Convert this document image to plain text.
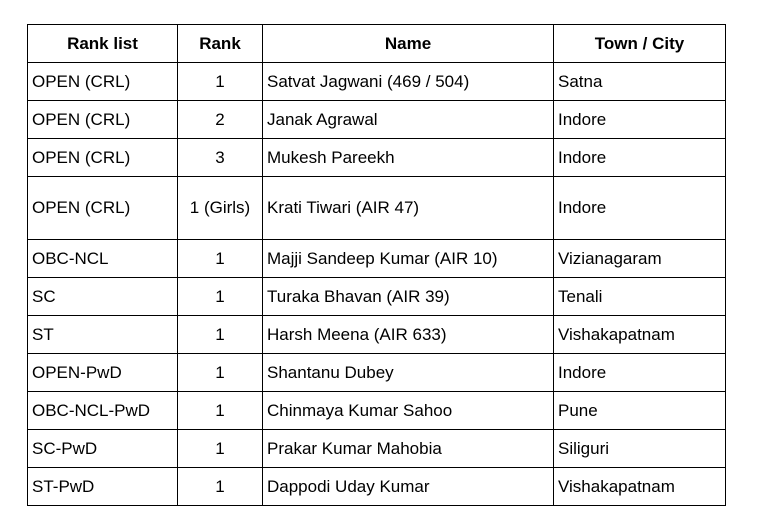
Rank list	Rank	Name	Town / City
OPEN (CRL)	1	Satvat Jagwani (469 / 504)	Satna
OPEN (CRL)	2	Janak Agrawal	Indore
OPEN (CRL)	3	Mukesh Pareekh	Indore
OPEN (CRL)	1 (Girls)	Krati Tiwari (AIR 47)	Indore
OBC-NCL	1	Majji Sandeep Kumar (AIR 10)	Vizianagaram
SC	1	Turaka Bhavan (AIR 39)	Tenali
ST	1	Harsh Meena (AIR 633)	Vishakapatnam
OPEN-PwD	1	Shantanu Dubey	Indore
OBC-NCL-PwD	1	Chinmaya Kumar Sahoo	Pune
SC-PwD	1	Prakar Kumar Mahobia	Siliguri
ST-PwD	1	Dappodi Uday Kumar	Vishakapatnam
